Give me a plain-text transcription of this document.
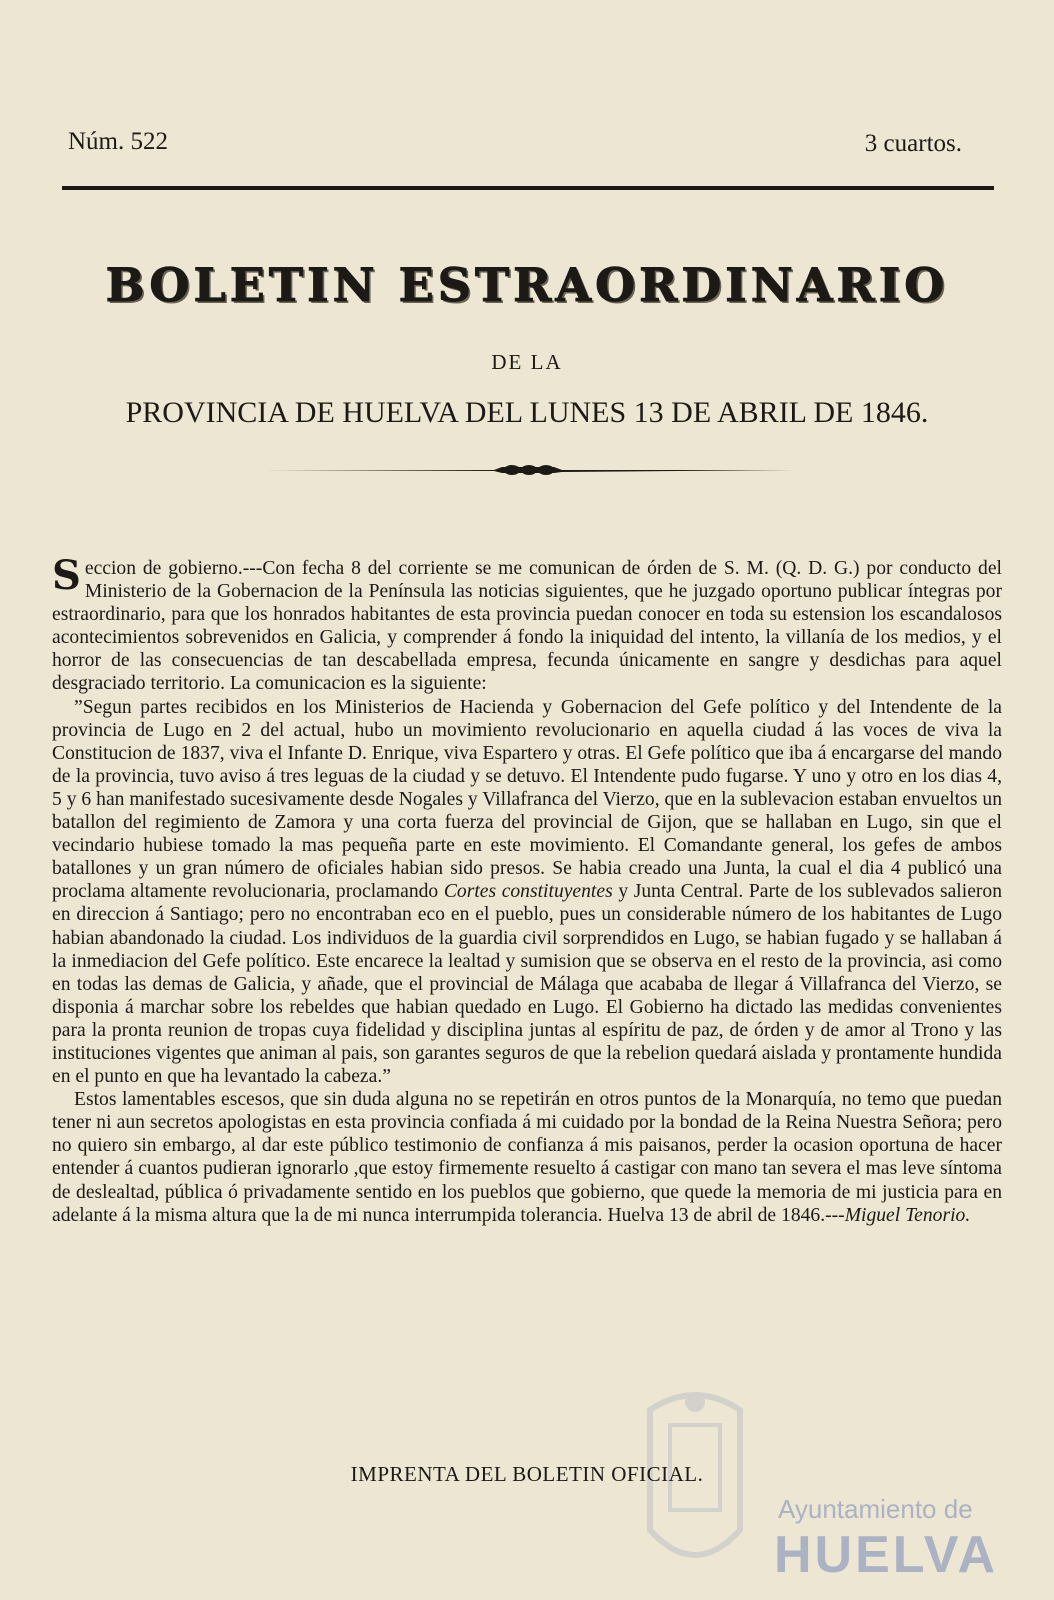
Núm. 522	3 cuartos.
BOLETIN ESTRAORDINARIO
DE LA
PROVINCIA DE HUELVA DEL LUNES 13 DE ABRIL DE 1846.

Seccion de gobierno.---Con fecha 8 del corriente se me comunican de órden de S. M. (Q. D. G.) por conducto del Ministerio de la Gobernacion de la Península las noticias siguientes, que he juzgado oportuno publicar íntegras por estraordinario, para que los honrados habitantes de esta provincia puedan conocer en toda su estension los escandalosos acontecimientos sobrevenidos en Galicia, y comprender á fondo la iniquidad del intento, la villanía de los medios, y el horror de las consecuencias de tan descabellada empresa, fecunda únicamente en sangre y desdichas para aquel desgraciado territorio. La comunicacion es la siguiente:

”Segun partes recibidos en los Ministerios de Hacienda y Gobernacion del Gefe político y del Intendente de la provincia de Lugo en 2 del actual, hubo un movimiento revolucionario en aquella ciudad á las voces de viva la Constitucion de 1837, viva el Infante D. Enrique, viva Espartero y otras. El Gefe político que iba á encargarse del mando de la provincia, tuvo aviso á tres leguas de la ciudad y se detuvo. El Intendente pudo fugarse. Y uno y otro en los dias 4, 5 y 6 han manifestado sucesivamente desde Nogales y Villafranca del Vierzo, que en la sublevacion estaban envueltos un batallon del regimiento de Zamora y una corta fuerza del provincial de Gijon, que se hallaban en Lugo, sin que el vecindario hubiese tomado la mas pequeña parte en este movimiento. El Comandante general, los gefes de ambos batallones y un gran número de oficiales habian sido presos. Se habia creado una Junta, la cual el dia 4 publicó una proclama altamente revolucionaria, proclamando Cortes constituyentes y Junta Central. Parte de los sublevados salieron en direccion á Santiago; pero no encontraban eco en el pueblo, pues un considerable número de los habitantes de Lugo habian abandonado la ciudad. Los individuos de la guardia civil sorprendidos en Lugo, se habian fugado y se hallaban á la inmediacion del Gefe político. Este encarece la lealtad y sumision que se observa en el resto de la provincia, asi como en todas las demas de Galicia, y añade, que el provincial de Málaga que acababa de llegar á Villafranca del Vierzo, se disponia á marchar sobre los rebeldes que habian quedado en Lugo. El Gobierno ha dictado las medidas convenientes para la pronta reunion de tropas cuya fidelidad y disciplina juntas al espíritu de paz, de órden y de amor al Trono y las instituciones vigentes que animan al pais, son garantes seguros de que la rebelion quedará aislada y prontamente hundida en el punto en que ha levantado la cabeza.”

Estos lamentables escesos, que sin duda alguna no se repetirán en otros puntos de la Monarquía, no temo que puedan tener ni aun secretos apologistas en esta provincia confiada á mi cuidado por la bondad de la Reina Nuestra Señora; pero no quiero sin embargo, al dar este público testimonio de confianza á mis paisanos, perder la ocasion oportuna de hacer entender á cuantos pudieran ignorarlo ,que estoy firmemente resuelto á castigar con mano tan severa el mas leve síntoma de deslealtad, pública ó privadamente sentido en los pueblos que gobierno, que quede la memoria de mi justicia para en adelante á la misma altura que la de mi nunca interrumpida tolerancia. Huelva 13 de abril de 1846.---Miguel Tenorio.

Ayuntamiento de
HUELVA
IMPRENTA DEL BOLETIN OFICIAL.
